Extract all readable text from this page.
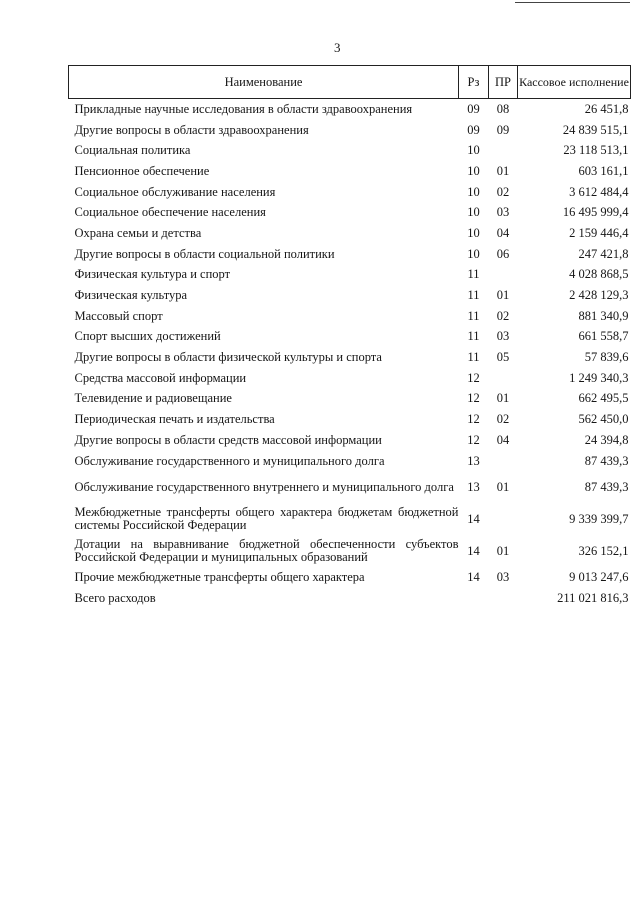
3
Наименование	Рз	ПР	Кассовое исполнение
Прикладные научные исследования в области здравоохранения	09	08	26 451,8
Другие вопросы в области здравоохранения	09	09	24 839 515,1
Социальная политика	10		23 118 513,1
Пенсионное обеспечение	10	01	603 161,1
Социальное обслуживание населения	10	02	3 612 484,4
Социальное обеспечение населения	10	03	16 495 999,4
Охрана семьи и детства	10	04	2 159 446,4
Другие вопросы в области социальной политики	10	06	247 421,8
Физическая культура и спорт	11		4 028 868,5
Физическая культура	11	01	2 428 129,3
Массовый спорт	11	02	881 340,9
Спорт высших достижений	11	03	661 558,7
Другие вопросы в области физической культуры и спорта	11	05	57 839,6
Средства массовой информации	12		1 249 340,3
Телевидение и радиовещание	12	01	662 495,5
Периодическая печать и издательства	12	02	562 450,0
Другие вопросы в области средств массовой информации	12	04	24 394,8
Обслуживание государственного и муниципального долга	13		87 439,3
Обслуживание государственного внутреннего и муниципального долга	13	01	87 439,3
Межбюджетные трансферты общего характера бюджетам бюджетной системы Российской Федерации	14		9 339 399,7
Дотации на выравнивание бюджетной обеспеченности субъектов Российской Федерации и муниципальных образований	14	01	326 152,1
Прочие межбюджетные трансферты общего характера	14	03	9 013 247,6
Всего расходов			211 021 816,3
